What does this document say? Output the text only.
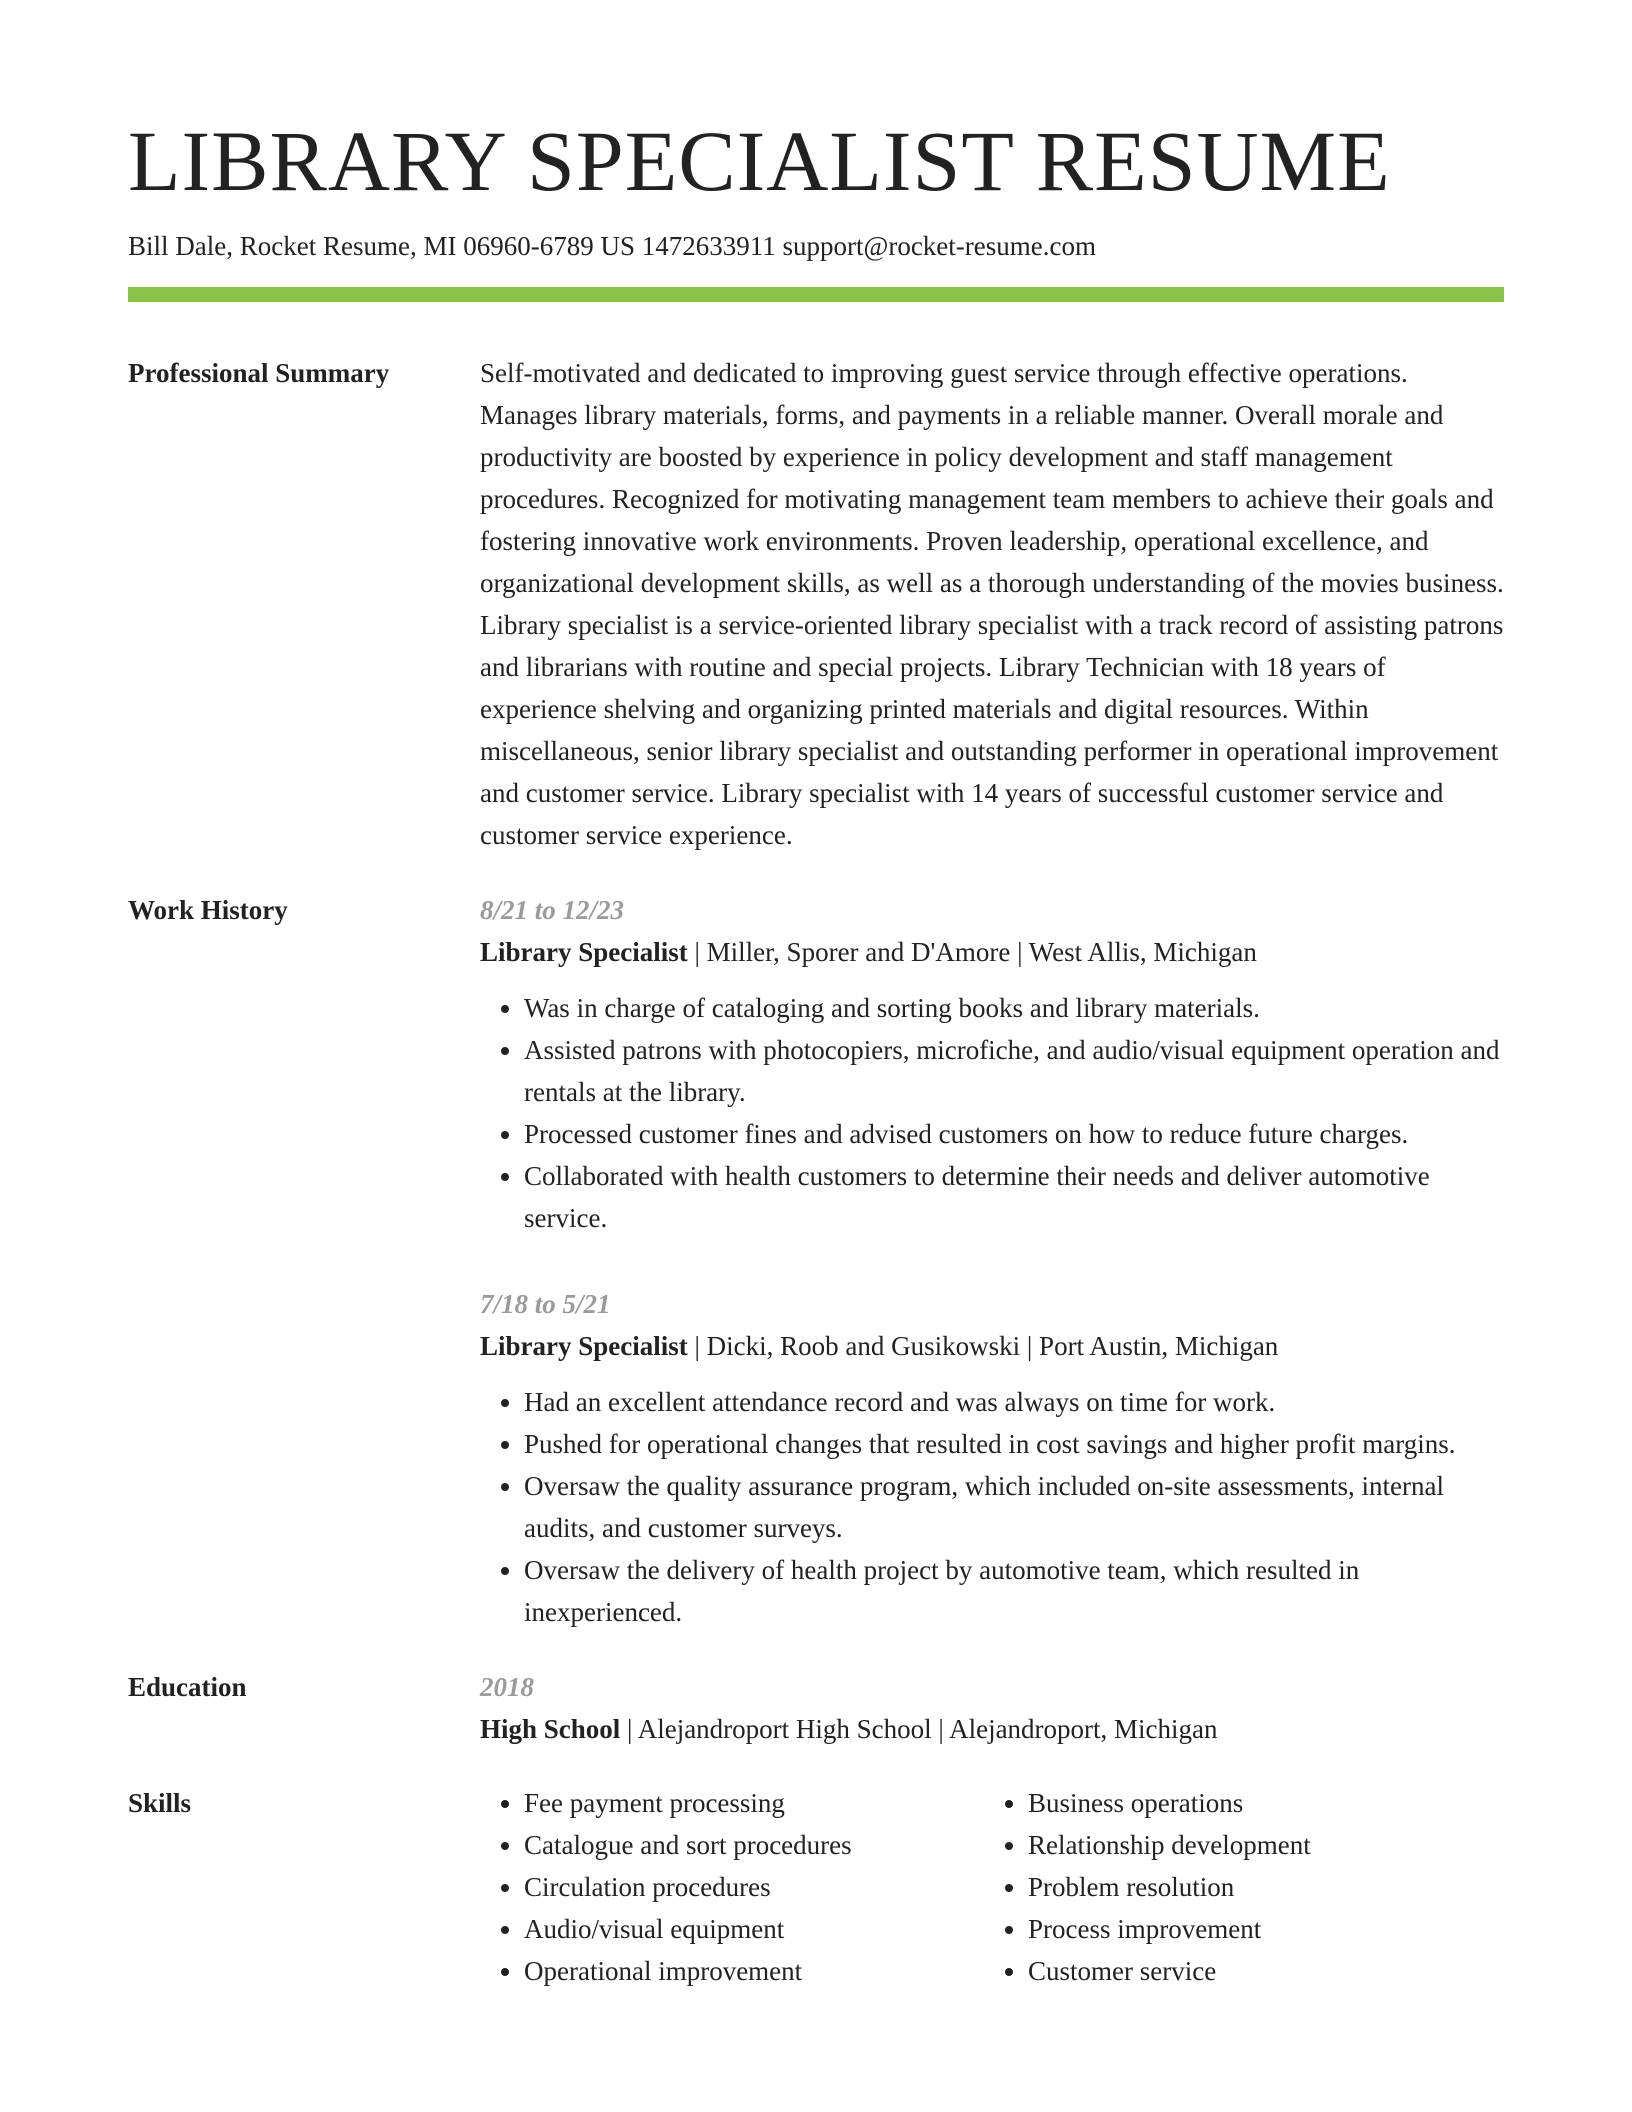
LIBRARY SPECIALIST RESUME
Bill Dale, Rocket Resume, MI 06960-6789 US 1472633911 support@rocket-resume.com
Professional Summary	Self-motivated and dedicated to improving guest service through effective operations. Manages library materials, forms, and payments in a reliable manner. Overall morale and productivity are boosted by experience in policy development and staff management procedures. Recognized for motivating management team members to achieve their goals and fostering innovative work environments. Proven leadership, operational excellence, and organizational development skills, as well as a thorough understanding of the movies business. Library specialist is a service-oriented library specialist with a track record of assisting patrons and librarians with routine and special projects. Library Technician with 18 years of experience shelving and organizing printed materials and digital resources. Within miscellaneous, senior library specialist and outstanding performer in operational improvement and customer service. Library specialist with 14 years of successful customer service and customer service experience.

Work History	8/21 to 12/23
Library Specialist | Miller, Sporer and D'Amore | West Allis, Michigan
• Was in charge of cataloging and sorting books and library materials.
• Assisted patrons with photocopiers, microfiche, and audio/visual equipment operation and rentals at the library.
• Processed customer fines and advised customers on how to reduce future charges.
• Collaborated with health customers to determine their needs and deliver automotive service.
7/18 to 5/21
Library Specialist | Dicki, Roob and Gusikowski | Port Austin, Michigan
• Had an excellent attendance record and was always on time for work.
• Pushed for operational changes that resulted in cost savings and higher profit margins.
• Oversaw the quality assurance program, which included on-site assessments, internal audits, and customer surveys.
• Oversaw the delivery of health project by automotive team, which resulted in inexperienced.
Education	2018
High School | Alejandroport High School | Alejandroport, Michigan
Skills
•	Fee payment processing
• Catalogue and sort procedures
• Circulation procedures
• Audio/visual equipment
• Operational improvement
• Business operations
• Relationship development
• Problem resolution
• Process improvement
• Customer service
